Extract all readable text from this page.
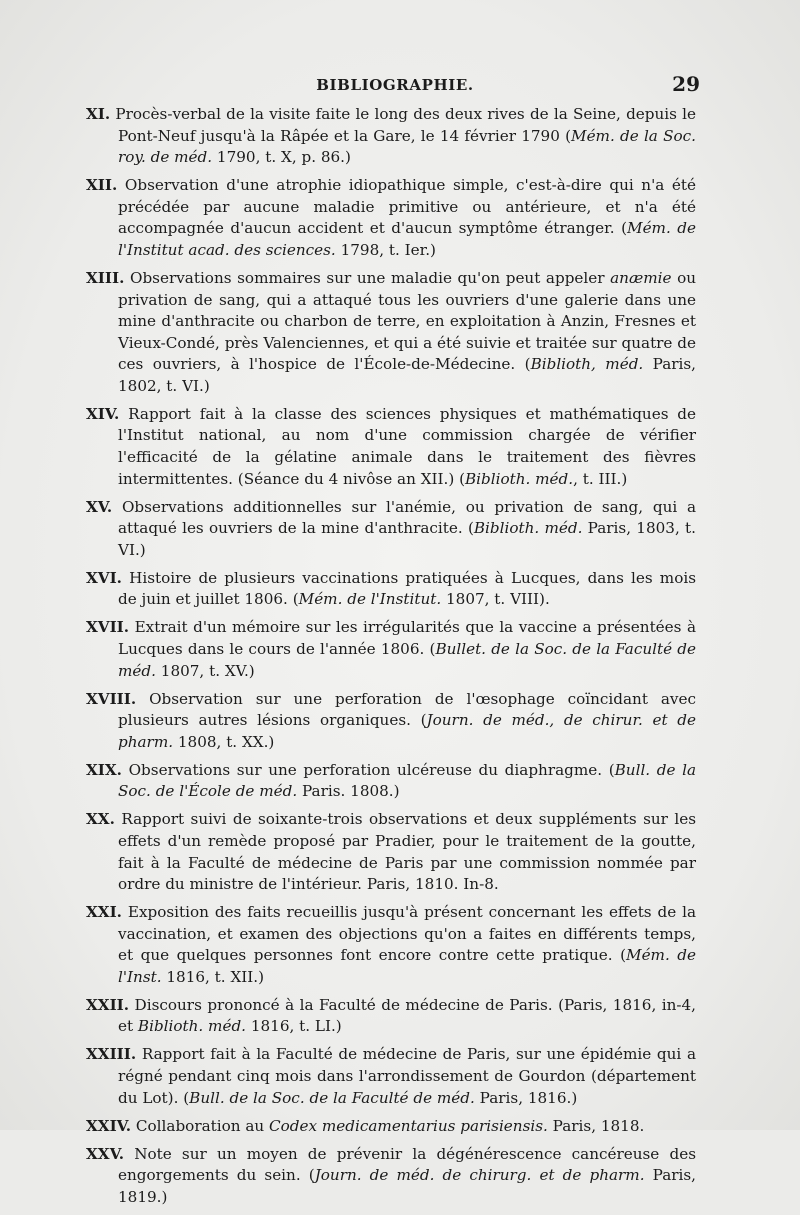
BIBLIOGRAPHIE.	29

XI. Procès-verbal de la visite faite le long des deux rives de la Seine, depuis le Pont-Neuf jusqu'à la Râpée et la Gare, le 14 février 1790 (Mém. de la Soc. roy. de méd. 1790, t. X, p. 86.)

XII. Observation d'une atrophie idiopathique simple, c'est-à-dire qui n'a été précédée par aucune maladie primitive ou antérieure, et n'a été accompagnée d'aucun accident et d'aucun symptôme étranger. (Mém. de l'Institut acad. des sciences. 1798, t. Ier.)

XIII. Observations sommaires sur une maladie qu'on peut appeler anæmie ou privation de sang, qui a attaqué tous les ouvriers d'une galerie dans une mine d'anthracite ou charbon de terre, en exploitation à Anzin, Fresnes et Vieux-Condé, près Valenciennes, et qui a été suivie et traitée sur quatre de ces ouvriers, à l'hospice de l'École-de-Médecine. (Biblioth, méd. Paris, 1802, t. VI.)

XIV. Rapport fait à la classe des sciences physiques et mathématiques de l'Institut national, au nom d'une commission chargée de vérifier l'efficacité de la gélatine animale dans le traitement des fièvres intermittentes. (Séance du 4 nivôse an XII.) (Biblioth. méd., t. III.)

XV. Observations additionnelles sur l'anémie, ou privation de sang, qui a attaqué les ouvriers de la mine d'anthracite. (Biblioth. méd. Paris, 1803, t. VI.)

XVI. Histoire de plusieurs vaccinations pratiquées à Lucques, dans les mois de juin et juillet 1806. (Mém. de l'Institut. 1807, t. VIII).

XVII. Extrait d'un mémoire sur les irrégularités que la vaccine a présentées à Lucques dans le cours de l'année 1806. (Bullet. de la Soc. de la Faculté de méd. 1807, t. XV.)

XVIII. Observation sur une perforation de l'œsophage coïncidant avec plusieurs autres lésions organiques. (Journ. de méd., de chirur. et de pharm. 1808, t. XX.)

XIX. Observations sur une perforation ulcéreuse du diaphragme. (Bull. de la Soc. de l'École de méd. Paris. 1808.)

XX. Rapport suivi de soixante-trois observations et deux suppléments sur les effets d'un remède proposé par Pradier, pour le traitement de la goutte, fait à la Faculté de médecine de Paris par une commission nommée par ordre du ministre de l'intérieur. Paris, 1810. In-8.

XXI. Exposition des faits recueillis jusqu'à présent concernant les effets de la vaccination, et examen des objections qu'on a faites en différents temps, et que quelques personnes font encore contre cette pratique. (Mém. de l'Inst. 1816, t. XII.)

XXII. Discours prononcé à la Faculté de médecine de Paris. (Paris, 1816, in-4, et Biblioth. méd. 1816, t. LI.)

XXIII. Rapport fait à la Faculté de médecine de Paris, sur une épidémie qui a régné pendant cinq mois dans l'arrondissement de Gourdon (département du Lot). (Bull. de la Soc. de la Faculté de méd. Paris, 1816.)

XXIV. Collaboration au Codex medicamentarius parisiensis. Paris, 1818.

XXV. Note sur un moyen de prévenir la dégénérescence cancéreuse des engorgements du sein. (Journ. de méd. de chirurg. et de pharm. Paris, 1819.)
